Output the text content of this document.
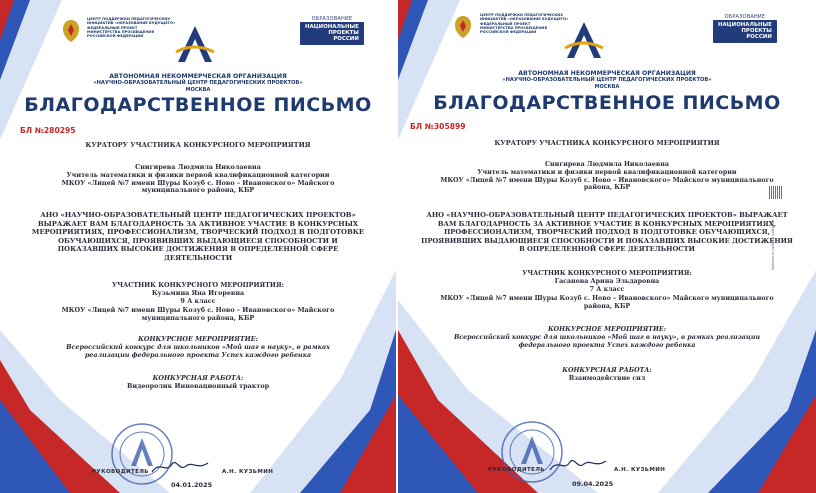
ЦЕНТР ПОДДЕРЖКИ ПЕДАГОГИЧЕСКИХ
ИНИЦИАТИВ «ОБРАЗОВАНИЕ БУДУЩЕГО»
ФЕДЕРАЛЬНЫЙ ПРОЕКТ
МИНИСТЕРСТВА ПРОСВЕЩЕНИЯ
РОССИЙСКОЙ ФЕДЕРАЦИИ
ОБРАЗОВАНИЕ
НАЦИОНАЛЬНЫЕ
ПРОЕКТЫ
РОССИИ
АВТОНОМНАЯ НЕКОММЕРЧЕСКАЯ ОРГАНИЗАЦИЯ
«НАУЧНО-ОБРАЗОВАТЕЛЬНЫЙ ЦЕНТР ПЕДАГОГИЧЕСКИХ ПРОЕКТОВ»
МОСКВА
БЛАГОДАРСТВЕННОЕ ПИСЬМО
БЛ №280295
КУРАТОРУ УЧАСТНИКА КОНКУРСНОГО МЕРОПРИЯТИЯ
Снигирева Людмила Николаевна
Учитель математики и физики первой квалификационной категории
МКОУ «Лицей №7 имени Шуры Козуб с. Ново – Ивановского» Майского
муниципального района, КБР
АНО «НАУЧНО-ОБРАЗОВАТЕЛЬНЫЙ ЦЕНТР ПЕДАГОГИЧЕСКИХ ПРОЕКТОВ»
ВЫРАЖАЕТ ВАМ БЛАГОДАРНОСТЬ ЗА АКТИВНОЕ УЧАСТИЕ В КОНКУРСНЫХ
МЕРОПРИЯТИЯХ, ПРОФЕССИОНАЛИЗМ, ТВОРЧЕСКИЙ ПОДХОД В ПОДГОТОВКЕ
ОБУЧАЮЩИХСЯ, ПРОЯВИВШИХ ВЫДАЮЩИЕСЯ СПОСОБНОСТИ И
ПОКАЗАВШИХ ВЫСОКИЕ ДОСТИЖЕНИЯ В ОПРЕДЕЛЕННОЙ СФЕРЕ
ДЕЯТЕЛЬНОСТИ
УЧАСТНИК КОНКУРСНОГО МЕРОПРИЯТИЯ:
Кузьмина Яна Игоревна
9 А класс
МКОУ «Лицей №7 имени Шуры Козуб с. Ново – Ивановского» Майского
муниципального района, КБР
КОНКУРСНОЕ МЕРОПРИЯТИЕ:
Всероссийский конкурс для школьников «Мой шаг в науку», в рамках
реализации федерального проекта Успех каждого ребенка
КОНКУРСНАЯ РАБОТА:
Видеоролик Инновационный трактор
РУКОВОДИТЕЛЬ	А.Н. КУЗЬМИН
04.01.2025
ЦЕНТР ПОДДЕРЖКИ ПЕДАГОГИЧЕСКИХ
ИНИЦИАТИВ «ОБРАЗОВАНИЕ БУДУЩЕГО»
ФЕДЕРАЛЬНЫЙ ПРОЕКТ
МИНИСТЕРСТВА ПРОСВЕЩЕНИЯ
РОССИЙСКОЙ ФЕДЕРАЦИИ
ОБРАЗОВАНИЕ
НАЦИОНАЛЬНЫЕ
ПРОЕКТЫ
РОССИИ
АВТОНОМНАЯ НЕКОММЕРЧЕСКАЯ ОРГАНИЗАЦИЯ
«НАУЧНО-ОБРАЗОВАТЕЛЬНЫЙ ЦЕНТР ПЕДАГОГИЧЕСКИХ ПРОЕКТОВ»
МОСКВА
БЛАГОДАРСТВЕННОЕ ПИСЬМО
БЛ №305899
КУРАТОРУ УЧАСТНИКА КОНКУРСНОГО МЕРОПРИЯТИЯ
Снигирева Людмила Николаевна
Учитель математики и физики первой квалификационной категории
МКОУ «Лицей №7 имени Шуры Козуб с. Ново – Ивановского» Майского муниципального
района, КБР
АНО «НАУЧНО-ОБРАЗОВАТЕЛЬНЫЙ ЦЕНТР ПЕДАГОГИЧЕСКИХ ПРОЕКТОВ» ВЫРАЖАЕТ
ВАМ БЛАГОДАРНОСТЬ ЗА АКТИВНОЕ УЧАСТИЕ В КОНКУРСНЫХ МЕРОПРИЯТИЯХ,
ПРОФЕССИОНАЛИЗМ, ТВОРЧЕСКИЙ ПОДХОД В ПОДГОТОВКЕ ОБУЧАЮЩИХСЯ,
ПРОЯВИВШИХ ВЫДАЮЩИЕСЯ СПОСОБНОСТИ И ПОКАЗАВШИХ ВЫСОКИЕ ДОСТИЖЕНИЯ
В ОПРЕДЕЛЕННОЙ СФЕРЕ ДЕЯТЕЛЬНОСТИ
УЧАСТНИК КОНКУРСНОГО МЕРОПРИЯТИЯ:
Гасанова Арина Эльдаровна
7 А класс
МКОУ «Лицей №7 имени Шуры Козуб с. Ново – Ивановского» Майского муниципального
района, КБР
КОНКУРСНОЕ МЕРОПРИЯТИЕ:
Всероссийский конкурс для школьников «Мой шаг в науку», в рамках реализации
федерального проекта Успех каждого ребенка
КОНКУРСНАЯ РАБОТА:
Взаимодействие сил
РУКОВОДИТЕЛЬ	А.Н. КУЗЬМИН
09.04.2025
Заверено сайта 1 рабочий
